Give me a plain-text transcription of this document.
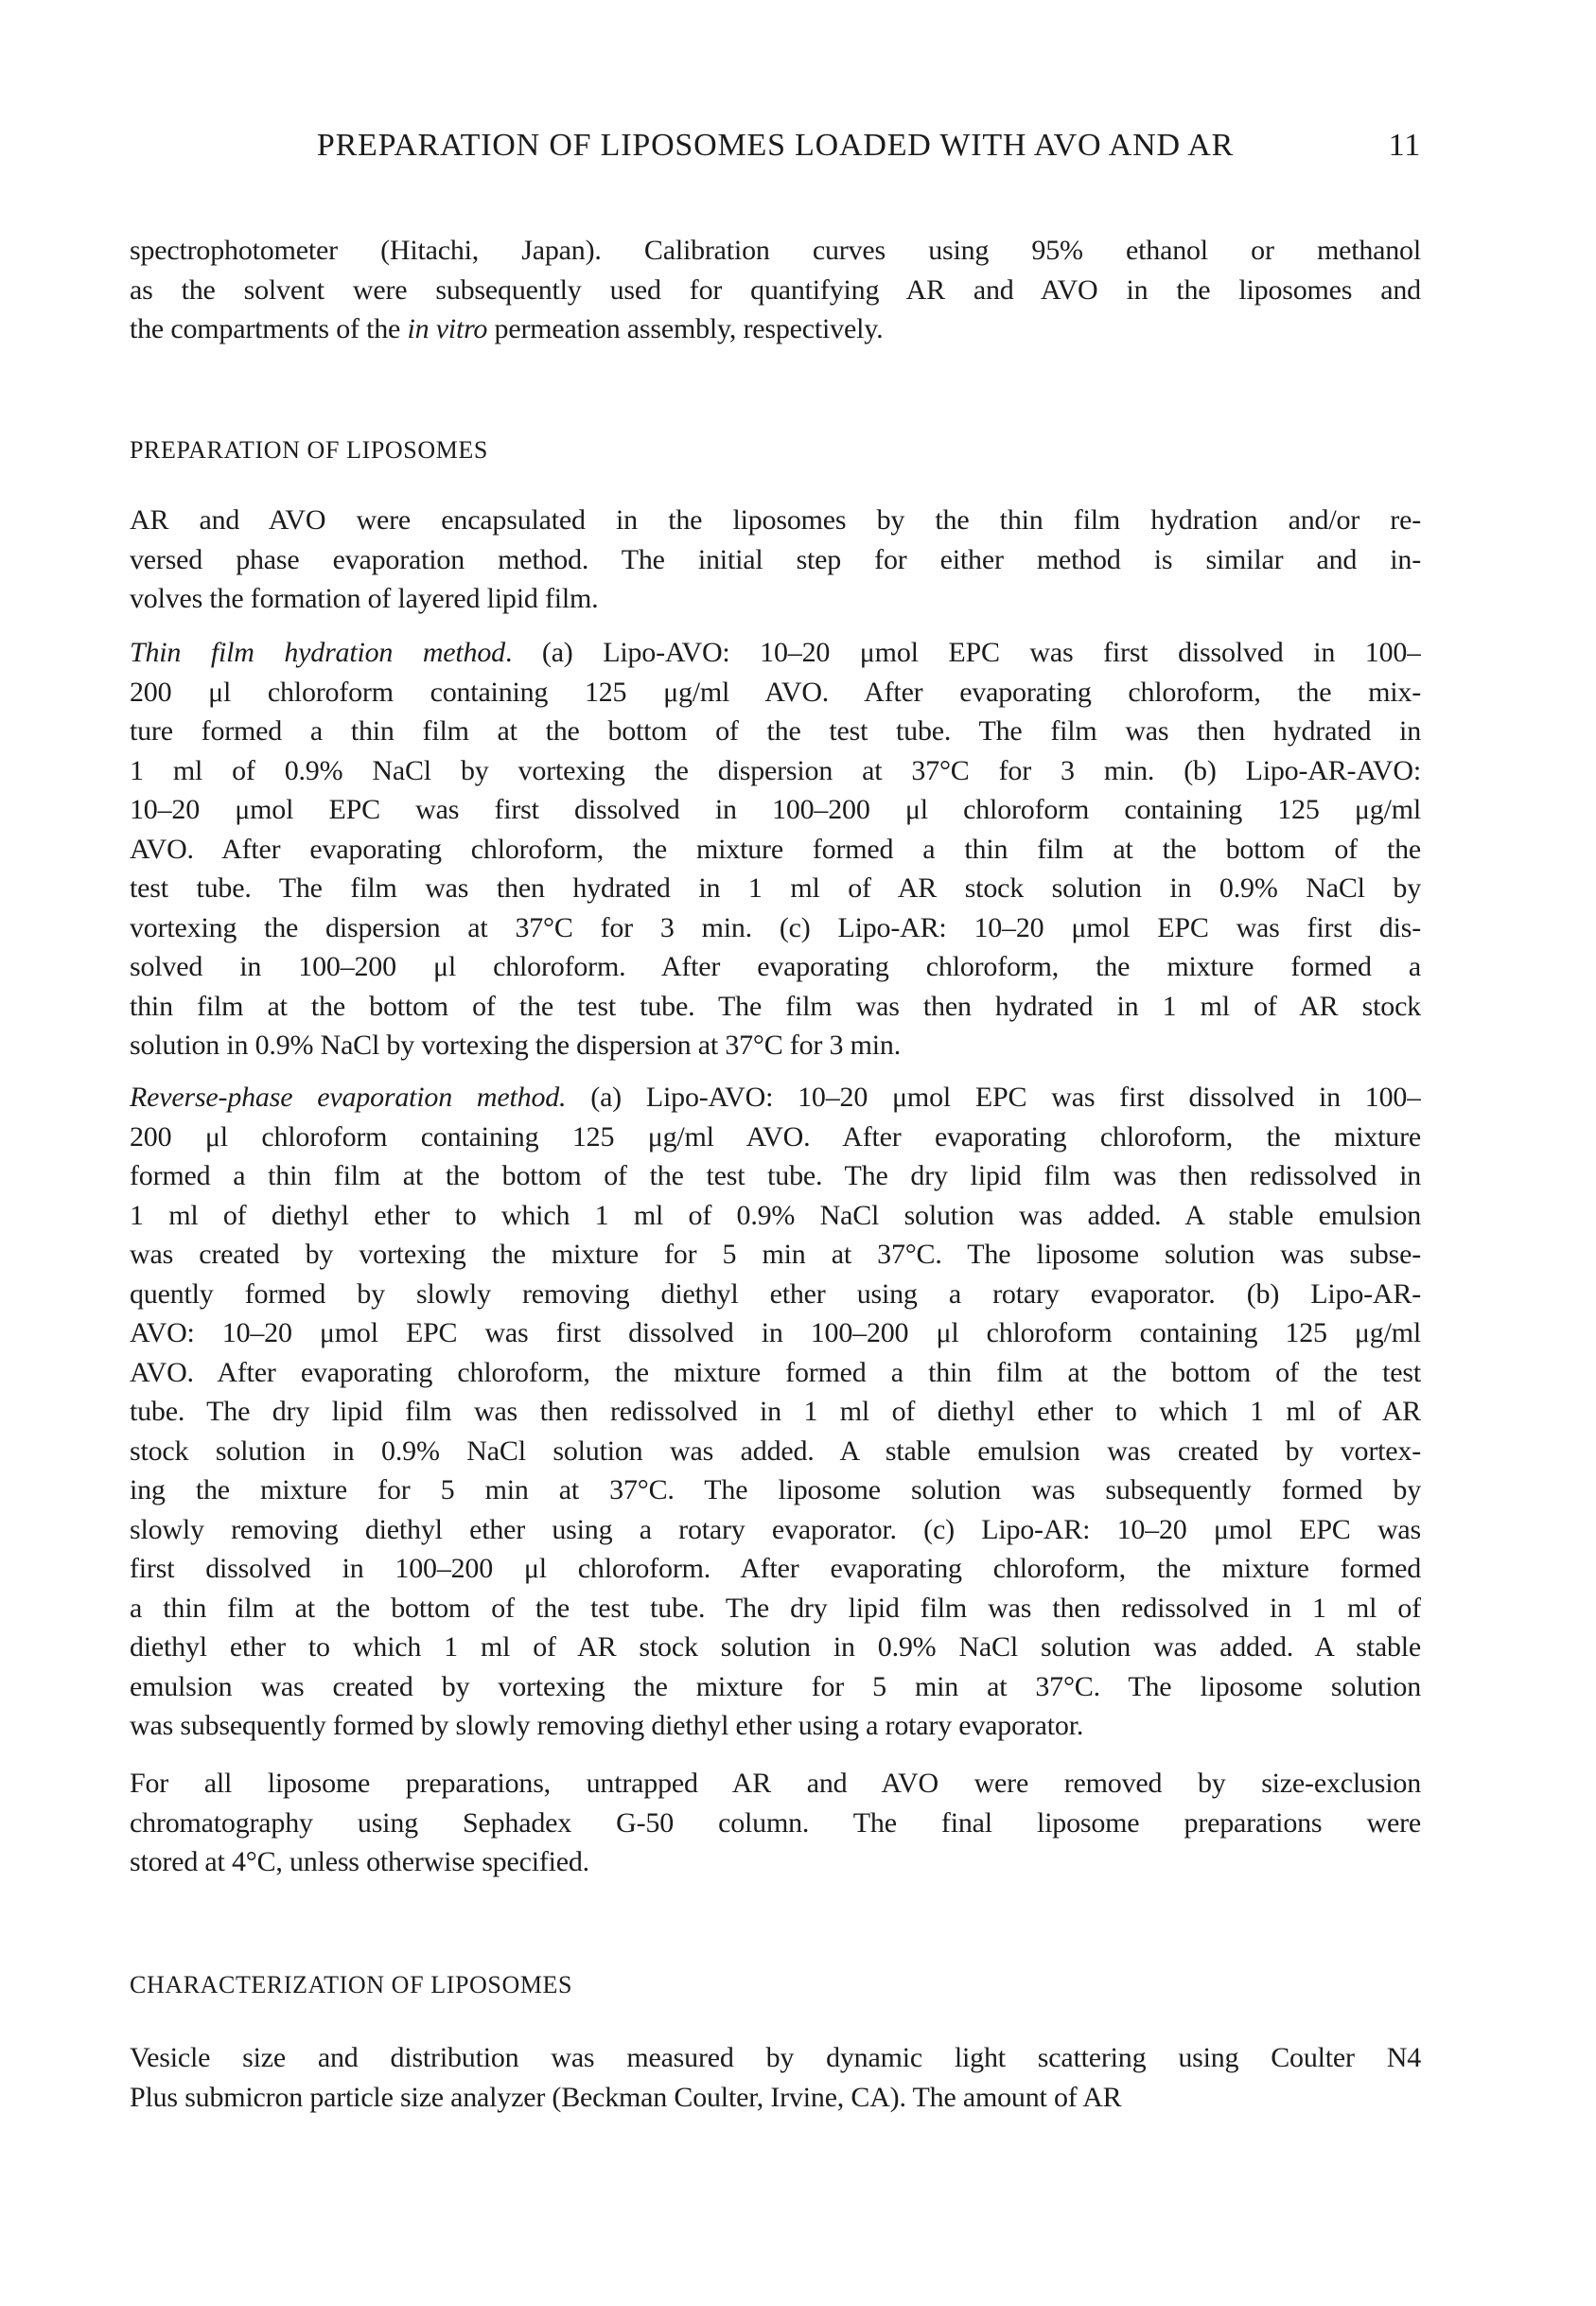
PREPARATION OF LIPOSOMES LOADED WITH AVO AND AR	11
spectrophotometer (Hitachi, Japan). Calibration curves using 95% ethanol or methanol
as the solvent were subsequently used for quantifying AR and AVO in the liposomes and
the compartments of the in vitro permeation assembly, respectively.
PREPARATION OF LIPOSOMES
AR and AVO were encapsulated in the liposomes by the thin film hydration and/or re-
versed phase evaporation method. The initial step for either method is similar and in-
volves the formation of layered lipid film.
Thin film hydration method. (a) Lipo-AVO: 10–20 μmol EPC was first dissolved in 100–
200 μl chloroform containing 125 μg/ml AVO. After evaporating chloroform, the mix-
ture formed a thin film at the bottom of the test tube. The film was then hydrated in
1 ml of 0.9% NaCl by vortexing the dispersion at 37°C for 3 min. (b) Lipo-AR-AVO:
10–20 μmol EPC was first dissolved in 100–200 μl chloroform containing 125 μg/ml
AVO. After evaporating chloroform, the mixture formed a thin film at the bottom of the
test tube. The film was then hydrated in 1 ml of AR stock solution in 0.9% NaCl by
vortexing the dispersion at 37°C for 3 min. (c) Lipo-AR: 10–20 μmol EPC was first dis-
solved in 100–200 μl chloroform. After evaporating chloroform, the mixture formed a
thin film at the bottom of the test tube. The film was then hydrated in 1 ml of AR stock
solution in 0.9% NaCl by vortexing the dispersion at 37°C for 3 min.
Reverse-phase evaporation method. (a) Lipo-AVO: 10–20 μmol EPC was first dissolved in 100–
200 μl chloroform containing 125 μg/ml AVO. After evaporating chloroform, the mixture
formed a thin film at the bottom of the test tube. The dry lipid film was then redissolved in
1 ml of diethyl ether to which 1 ml of 0.9% NaCl solution was added. A stable emulsion
was created by vortexing the mixture for 5 min at 37°C. The liposome solution was subse-
quently formed by slowly removing diethyl ether using a rotary evaporator. (b) Lipo-AR-
AVO: 10–20 μmol EPC was first dissolved in 100–200 μl chloroform containing 125 μg/ml
AVO. After evaporating chloroform, the mixture formed a thin film at the bottom of the test
tube. The dry lipid film was then redissolved in 1 ml of diethyl ether to which 1 ml of AR
stock solution in 0.9% NaCl solution was added. A stable emulsion was created by vortex-
ing the mixture for 5 min at 37°C. The liposome solution was subsequently formed by
slowly removing diethyl ether using a rotary evaporator. (c) Lipo-AR: 10–20 μmol EPC was
first dissolved in 100–200 μl chloroform. After evaporating chloroform, the mixture formed
a thin film at the bottom of the test tube. The dry lipid film was then redissolved in 1 ml of
diethyl ether to which 1 ml of AR stock solution in 0.9% NaCl solution was added. A stable
emulsion was created by vortexing the mixture for 5 min at 37°C. The liposome solution
was subsequently formed by slowly removing diethyl ether using a rotary evaporator.
For all liposome preparations, untrapped AR and AVO were removed by size-exclusion
chromatography using Sephadex G-50 column. The final liposome preparations were
stored at 4°C, unless otherwise specified.
CHARACTERIZATION OF LIPOSOMES
Vesicle size and distribution was measured by dynamic light scattering using Coulter N4
Plus submicron particle size analyzer (Beckman Coulter, Irvine, CA). The amount of AR
